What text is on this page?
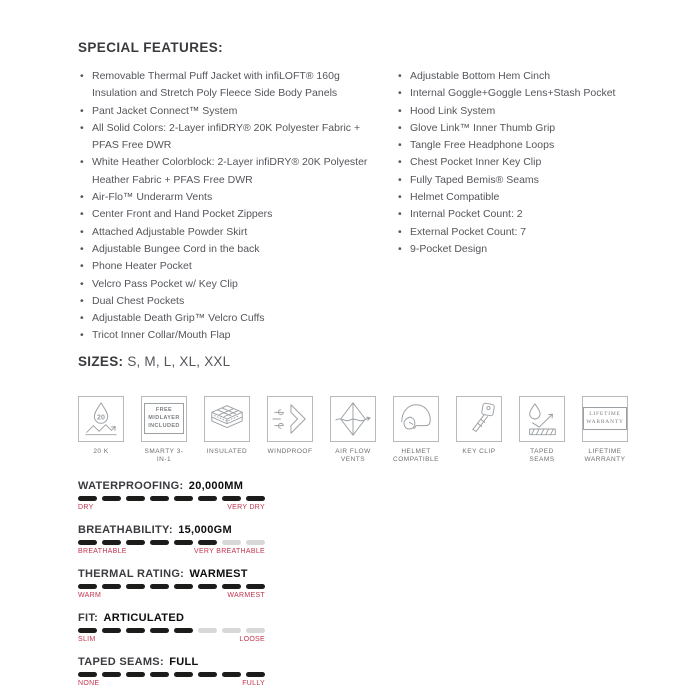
SPECIAL FEATURES:
• Removable Thermal Puff Jacket with infiLOFT® 160g Insulation and Stretch Poly Fleece Side Body Panels
• Pant Jacket Connect™ System
• All Solid Colors: 2-Layer infiDRY® 20K Polyester Fabric + PFAS Free DWR
• White Heather Colorblock: 2-Layer infiDRY® 20K Polyester Heather Fabric + PFAS Free DWR
• Air-Flo™ Underarm Vents
• Center Front and Hand Pocket Zippers
• Attached Adjustable Powder Skirt
• Adjustable Bungee Cord in the back
• Phone Heater Pocket
• Velcro Pass Pocket w/ Key Clip
• Dual Chest Pockets
• Adjustable Death Grip™ Velcro Cuffs
• Tricot Inner Collar/Mouth Flap
• Adjustable Bottom Hem Cinch
• Internal Goggle+Goggle Lens+Stash Pocket
• Hood Link System
• Glove Link™ Inner Thumb Grip
• Tangle Free Headphone Loops
• Chest Pocket Inner Key Clip
• Fully Taped Bemis® Seams
• Helmet Compatible
• Internal Pocket Count: 2
• External Pocket Count: 7
• 9-Pocket Design
SIZES: S, M, L, XL, XXL
20
20 K
FREE
MIDLAYER
INCLUDED
SMARTY 3-IN-1
INSULATED	WINDPROOF	AIR FLOW VENTS
HELMET COMPATIBLE
KEY CLIP	TAPED SEAMS
LIFETIME
WARRANTY
LIFETIME WARRANTY
WATERPROOFING: 20,000MM
DRY	VERY DRY
BREATHABILITY: 15,000GM
BREATHABLE	VERY BREATHABLE
THERMAL RATING: WARMEST
WARM	WARMEST
FIT: ARTICULATED
SLIM	LOOSE
TAPED SEAMS: FULL
NONE	FULLY
